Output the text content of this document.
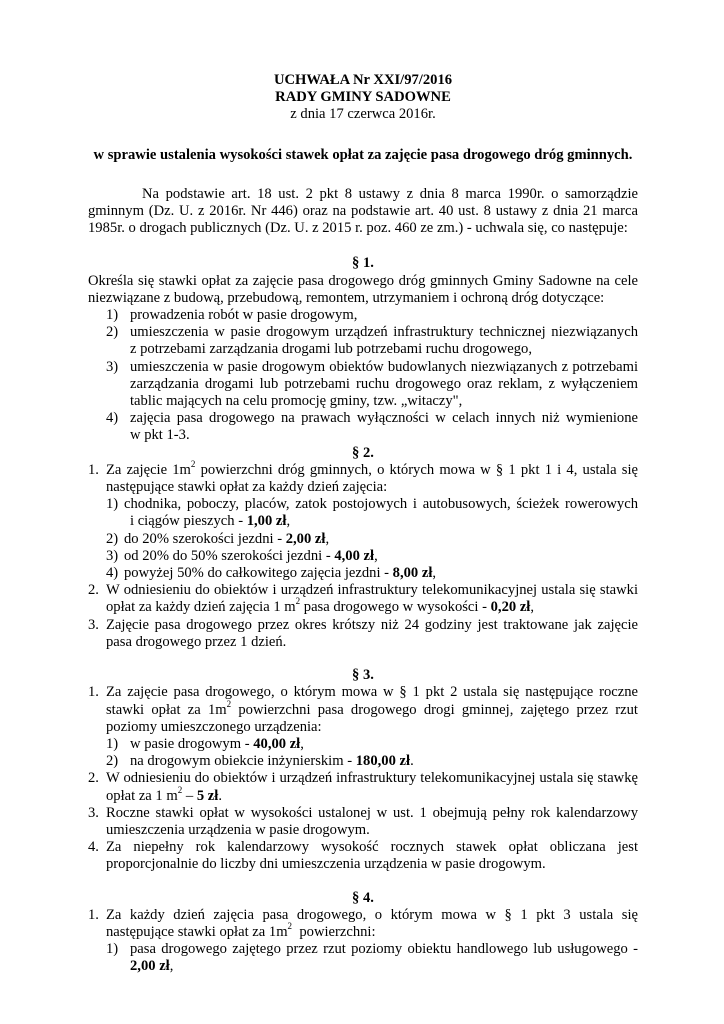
UCHWAŁA Nr XXI/97/2016

RADY GMINY SADOWNE

z dnia 17 czerwca 2016r.

w sprawie ustalenia wysokości stawek opłat za zajęcie pasa drogowego dróg gminnych.

Na podstawie art. 18 ust. 2 pkt 8 ustawy z dnia 8 marca 1990r. o samorządzie

gminnym (Dz. U. z 2016r. Nr 446) oraz na podstawie art. 40 ust. 8 ustawy z dnia 21 marca

1985r. o drogach publicznych (Dz. U. z 2015 r. poz. 460 ze zm.) - uchwala się, co następuje:

§ 1.

Określa się stawki opłat za zajęcie pasa drogowego dróg gminnych Gminy Sadowne na cele

niezwiązane z budową, przebudową, remontem, utrzymaniem i ochroną dróg dotyczące:

1) prowadzenia robót w pasie drogowym,
2) umieszczenia w pasie drogowym urządzeń infrastruktury technicznej niezwiązanych
z potrzebami zarządzania drogami lub potrzebami ruchu drogowego,
3) umieszczenia w pasie drogowym obiektów budowlanych niezwiązanych z potrzebami
zarządzania drogami lub potrzebami ruchu drogowego oraz reklam, z wyłączeniem
tablic mających na celu promocję gminy, tzw. „witaczy",
4) zajęcia pasa drogowego na prawach wyłączności w celach innych niż wymienione
w pkt 1-3.

§ 2.

1. Za zajęcie $1m^2$ powierzchni dróg gminnych, o których mowa w § 1 pkt 1 i 4, ustala się
następujące stawki opłat za każdy dzień zajęcia:
1) chodnika, poboczy, placów, zatok postojowych i autobusowych, ścieżek rowerowych
i ciągów pieszych - 1,00 zł,
2) do 20% szerokości jezdni - 2,00 zł,
3) od 20% do 50% szerokości jezdni - 4,00 zł,
4) powyżej 50% do całkowitego zajęcia jezdni - 8,00 zł,
2. W odniesieniu do obiektów i urządzeń infrastruktury telekomunikacyjnej ustala się stawki
opłat za każdy dzień zajęcia 1 $m^2$ pasa drogowego w wysokości - 0,20 zł,
3. Zajęcie pasa drogowego przez okres krótszy niż 24 godziny jest traktowane jak zajęcie
pasa drogowego przez 1 dzień.

§ 3.

1. Za zajęcie pasa drogowego, o którym mowa w § 1 pkt 2 ustala się następujące roczne
stawki opłat za $1m^2$ powierzchni pasa drogowego drogi gminnej, zajętego przez rzut
poziomy umieszczonego urządzenia:
1) w pasie drogowym - 40,00 zł,
2) na drogowym obiekcie inżynierskim - 180,00 zł.
2. W odniesieniu do obiektów i urządzeń infrastruktury telekomunikacyjnej ustala się stawkę
opłat za 1 $m^2 - 5$ zł.
3. Roczne stawki opłat w wysokości ustalonej w ust. 1 obejmują pełny rok kalendarzowy
umieszczenia urządzenia w pasie drogowym.
4. Za niepełny rok kalendarzowy wysokość rocznych stawek opłat obliczana jest
proporcjonalnie do liczby dni umieszczenia urządzenia w pasie drogowym.

§ 4.

1. Za każdy dzień zajęcia pasa drogowego, o którym mowa w § 1 pkt 3 ustala się
następujące stawki opłat za $1m^2$  powierzchni:
1) pasa drogowego zajętego przez rzut poziomy obiektu handlowego lub usługowego -
2,00 zł,
